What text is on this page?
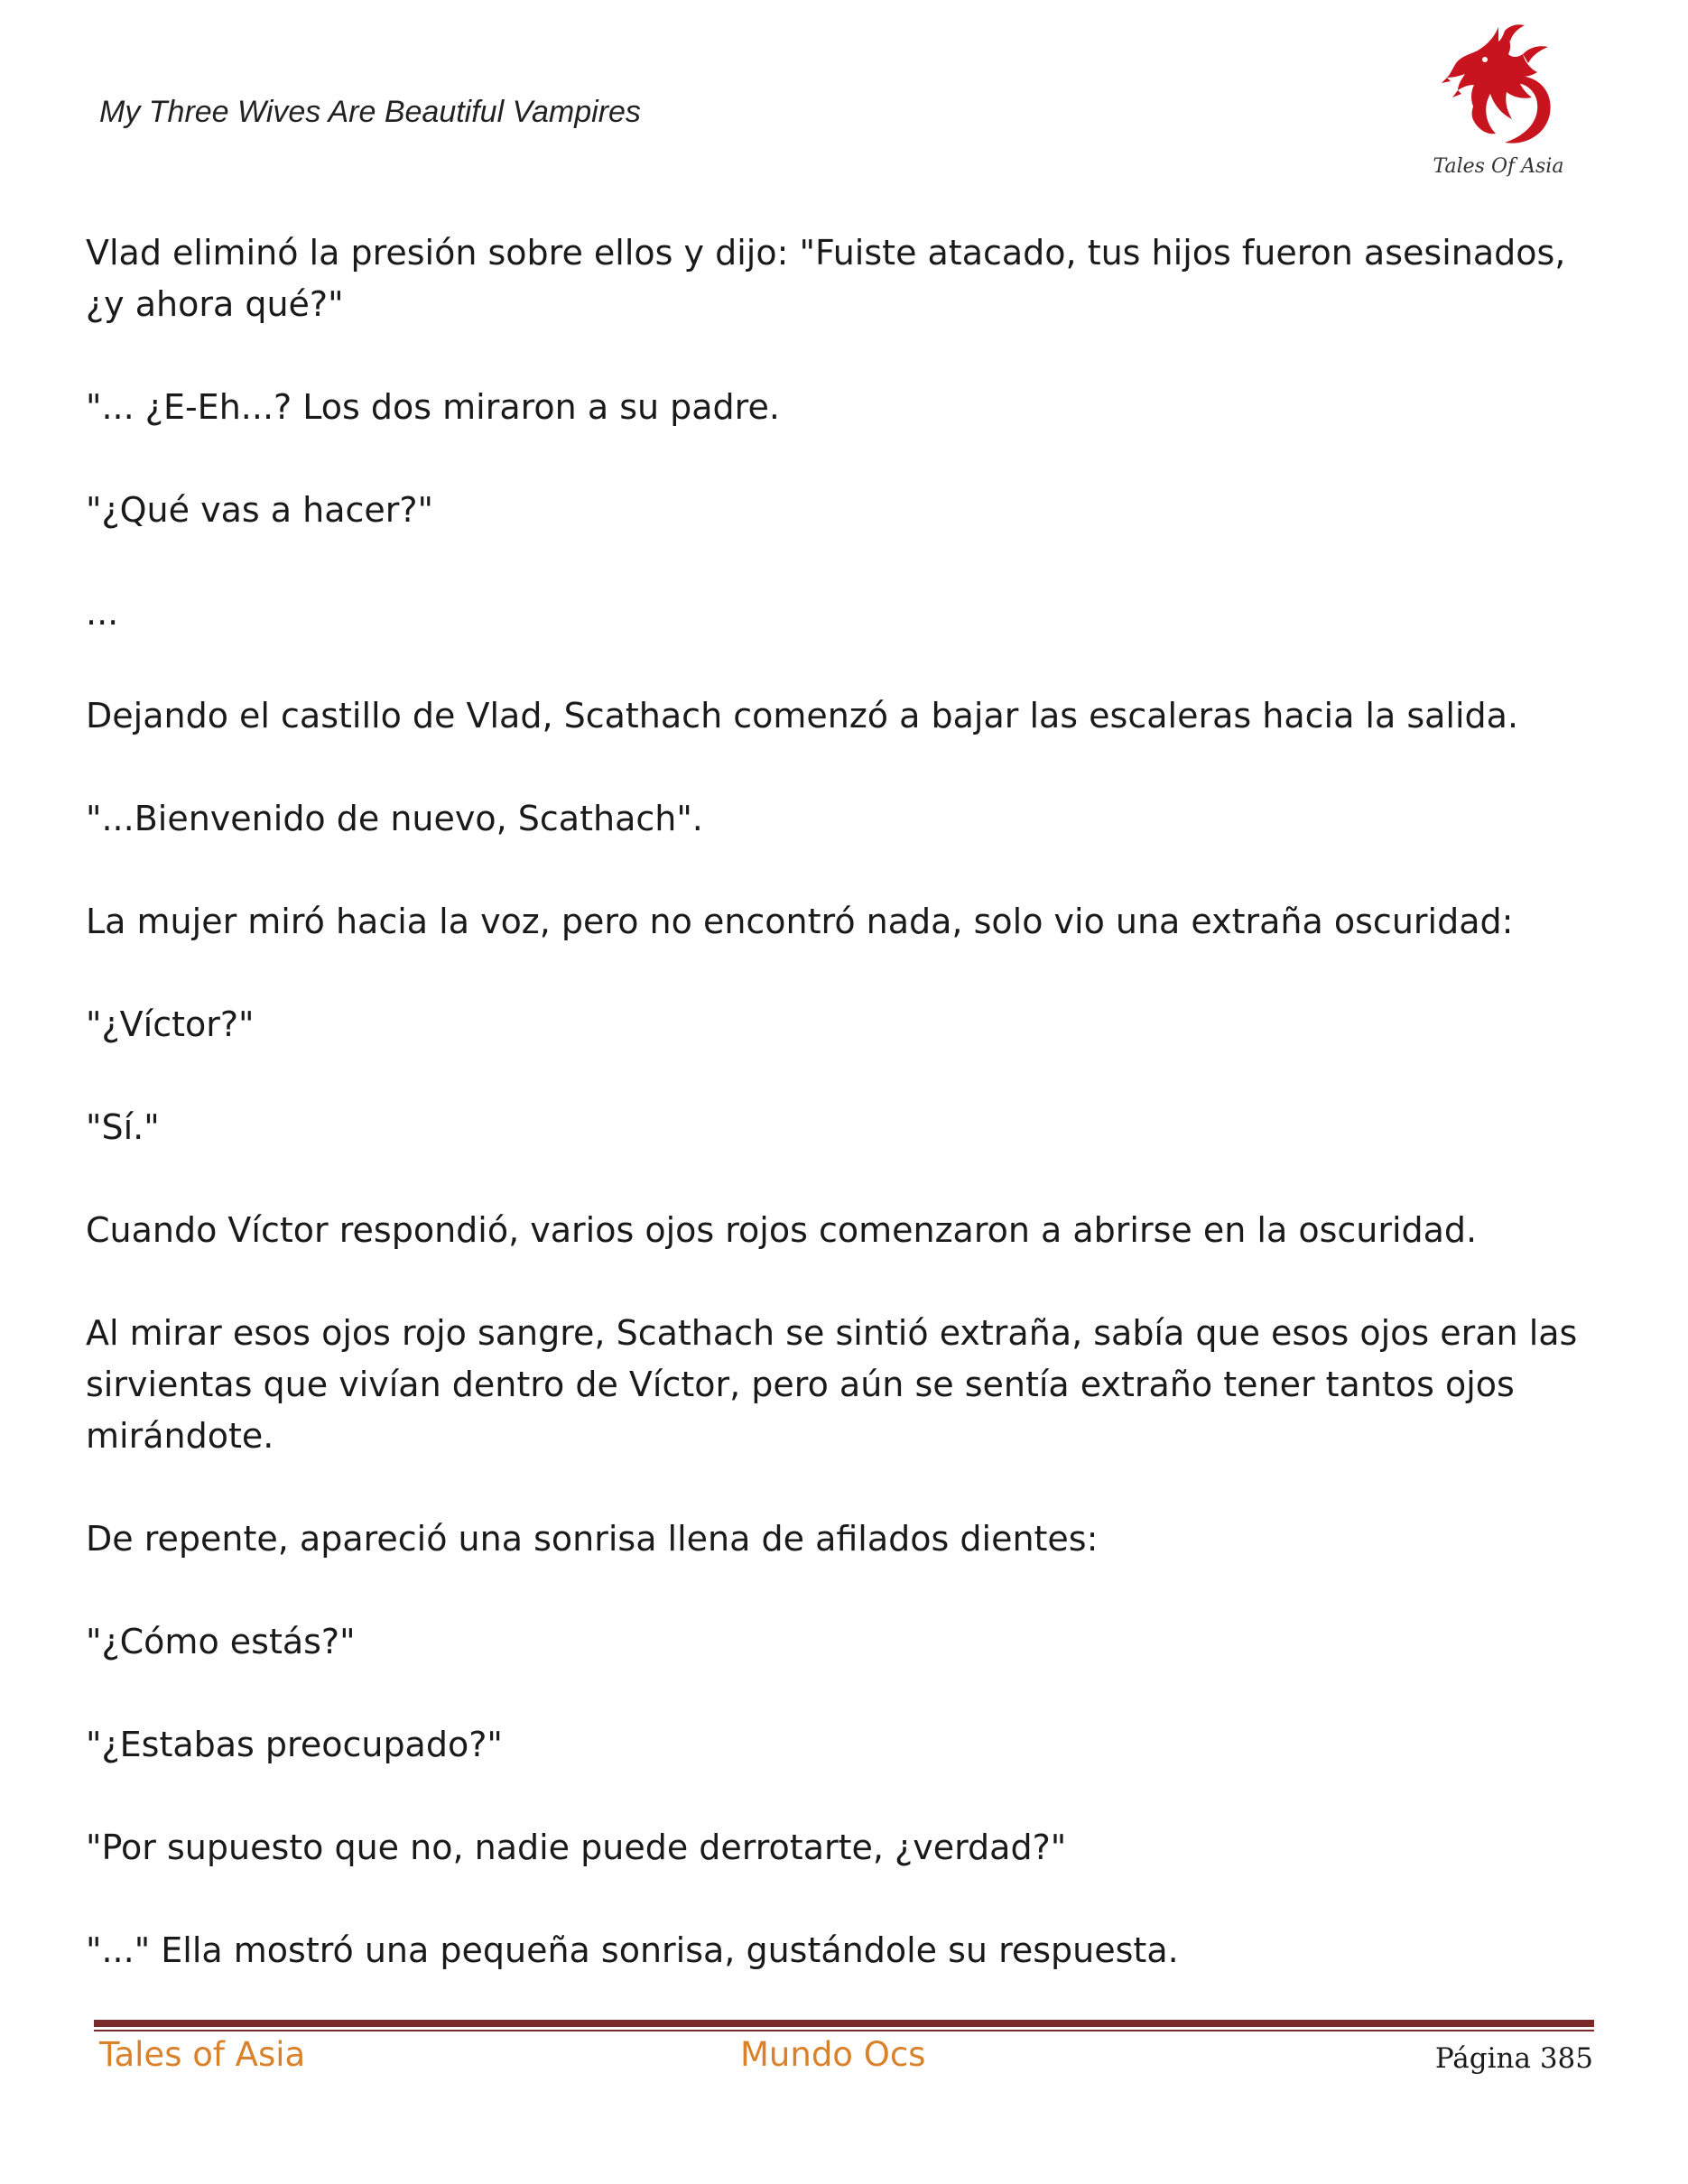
My Three Wives Are Beautiful Vampires
Tales Of Asia

Vlad eliminó la presión sobre ellos y dijo: "Fuiste atacado, tus hijos fueron asesinados, ¿y ahora qué?"

"... ¿E-Eh...? Los dos miraron a su padre.

"¿Qué vas a hacer?"

...

Dejando el castillo de Vlad, Scathach comenzó a bajar las escaleras hacia la salida.

"...Bienvenido de nuevo, Scathach".

La mujer miró hacia la voz, pero no encontró nada, solo vio una extraña oscuridad:

"¿Víctor?"

"Sí."

Cuando Víctor respondió, varios ojos rojos comenzaron a abrirse en la oscuridad.

Al mirar esos ojos rojo sangre, Scathach se sintió extraña, sabía que esos ojos eran las sirvientas que vivían dentro de Víctor, pero aún se sentía extraño tener tantos ojos mirándote.

De repente, apareció una sonrisa llena de afilados dientes:

"¿Cómo estás?"

"¿Estabas preocupado?"

"Por supuesto que no, nadie puede derrotarte, ¿verdad?"

"..." Ella mostró una pequeña sonrisa, gustándole su respuesta.

Tales of Asia	Mundo Ocs	Página 385
